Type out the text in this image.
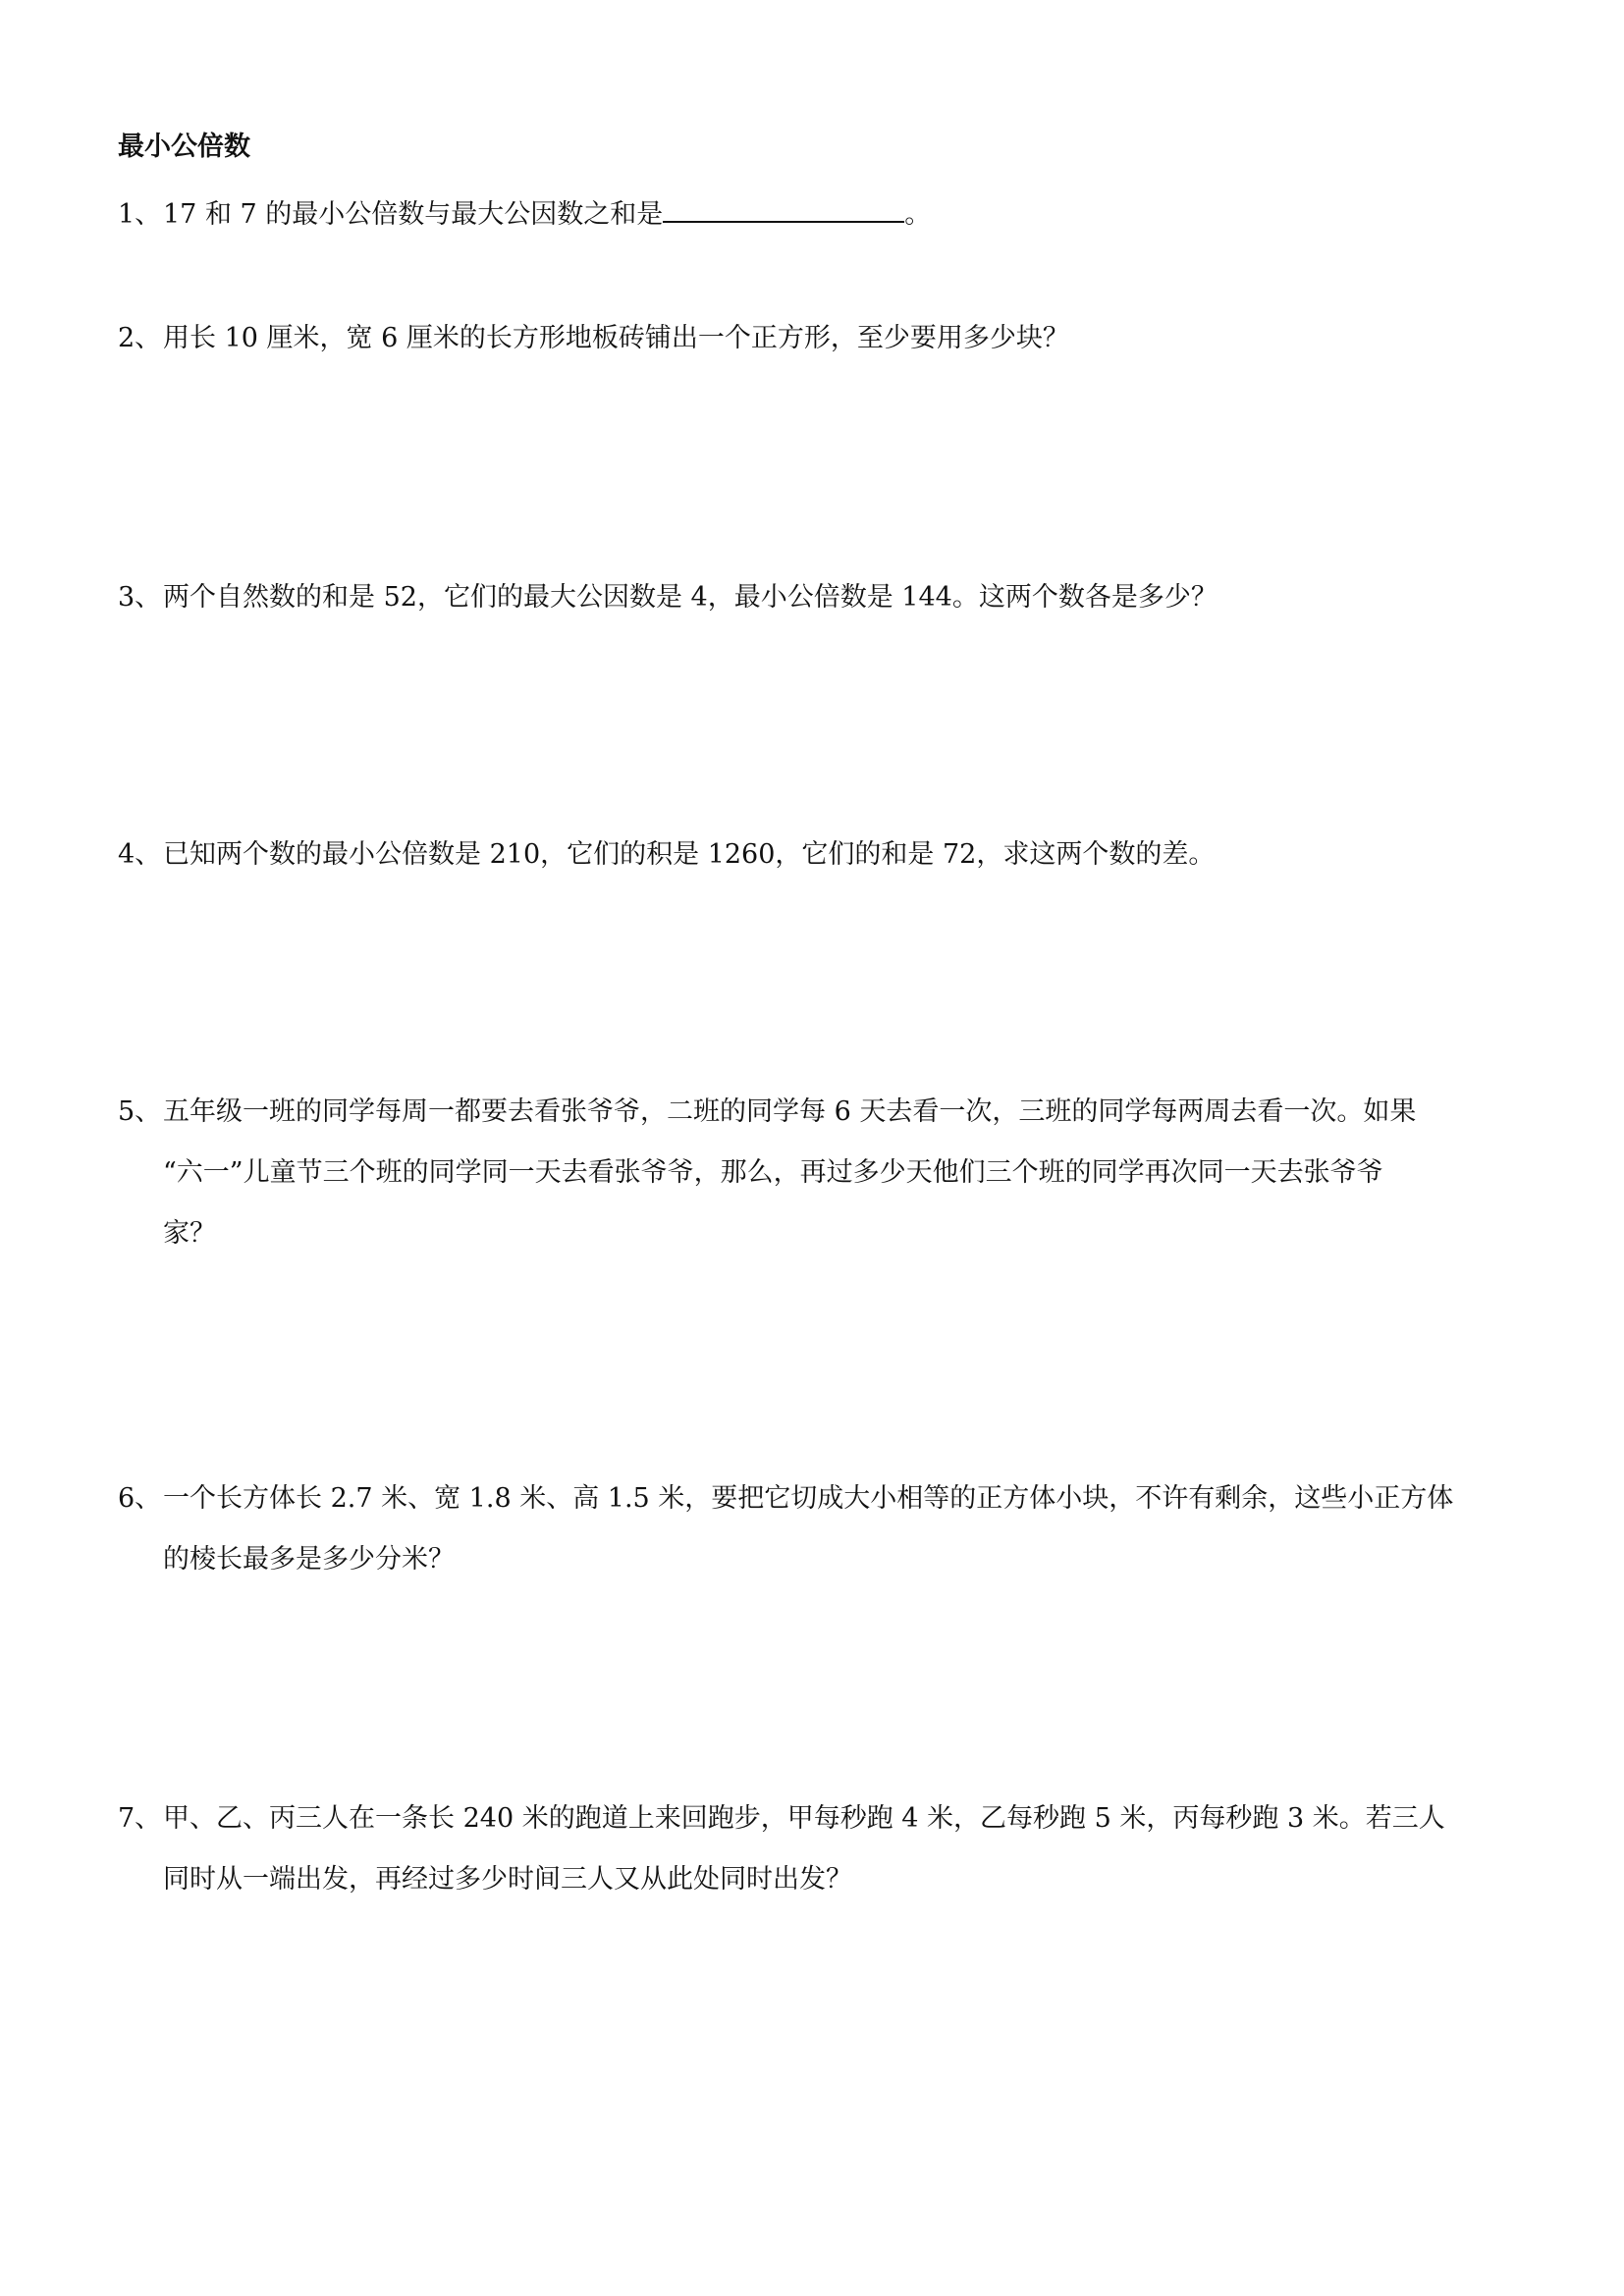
最小公倍数

1、17 和 7 的最小公倍数与最大公因数之和是	。

2、用长 10 厘米，宽 6 厘米的长方形地板砖铺出一个正方形，至少要用多少块？

3、两个自然数的和是 52，它们的最大公因数是 4，最小公倍数是 144。这两个数各是多少？

4、已知两个数的最小公倍数是 210，它们的积是 1260，它们的和是 72，求这两个数的差。

5、五年级一班的同学每周一都要去看张爷爷，二班的同学每 6 天去看一次，三班的同学每两周去看一次。如果
“六一”儿童节三个班的同学同一天去看张爷爷，那么，再过多少天他们三个班的同学再次同一天去张爷爷
家？
6、一个长方体长 2.7 米、宽 1.8 米、高 1.5 米，要把它切成大小相等的正方体小块，不许有剩余，这些小正方体
的棱长最多是多少分米？
7、甲、乙、丙三人在一条长 240 米的跑道上来回跑步，甲每秒跑 4 米，乙每秒跑 5 米，丙每秒跑 3 米。若三人
同时从一端出发，再经过多少时间三人又从此处同时出发？
